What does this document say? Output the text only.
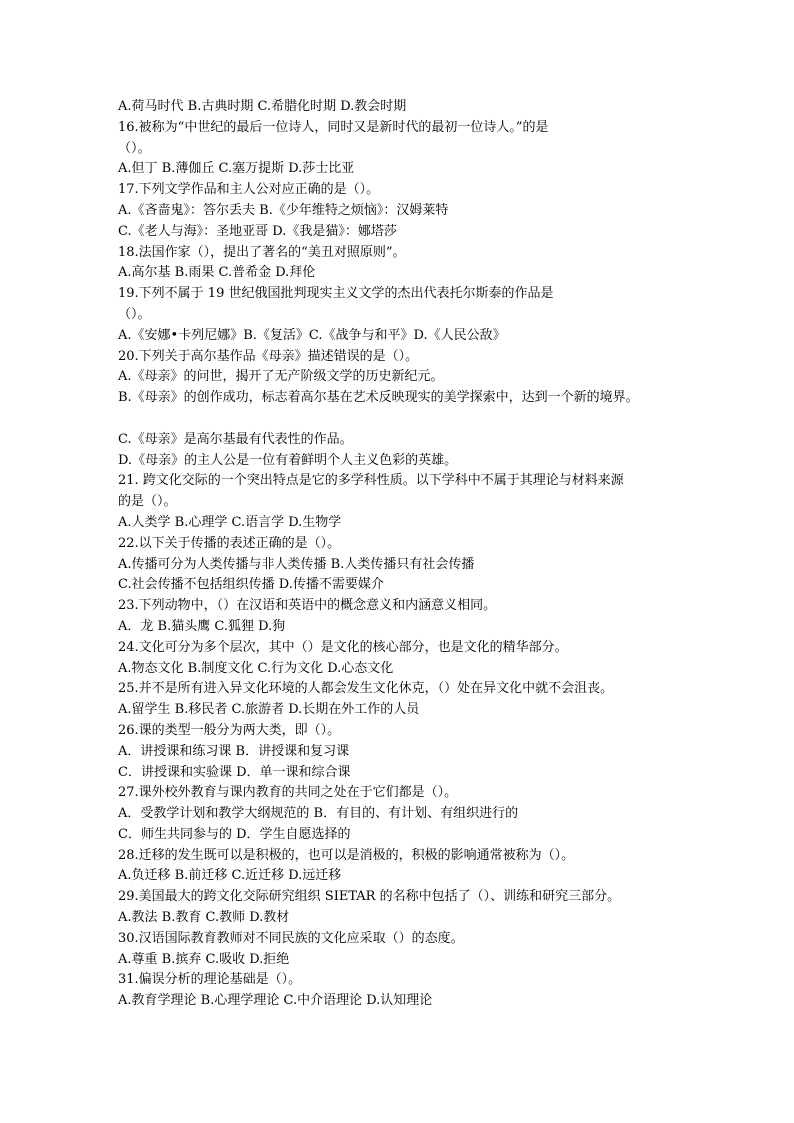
A.荷马时代 B.古典时期 C.希腊化时期 D.教会时期
16.被称为“中世纪的最后一位诗人，同时又是新时代的最初一位诗人。”的是
（）。
A.但丁 B.薄伽丘 C.塞万提斯 D.莎士比亚
17.下列文学作品和主人公对应正确的是（）。
A.《吝啬鬼》：答尔丢夫 B.《少年维特之烦恼》：汉姆莱特
C.《老人与海》：圣地亚哥 D.《我是猫》：娜塔莎
18.法国作家（），提出了著名的“美丑对照原则”。
A.高尔基 B.雨果 C.普希金 D.拜伦
19.下列不属于 19 世纪俄国批判现实主义文学的杰出代表托尔斯泰的作品是
（）。
A.《安娜•卡列尼娜》B.《复活》C.《战争与和平》D.《人民公敌》
20.下列关于高尔基作品《母亲》描述错误的是（）。
A.《母亲》的问世，揭开了无产阶级文学的历史新纪元。
B.《母亲》的创作成功，标志着高尔基在艺术反映现实的美学探索中，达到一个新的境界。
C.《母亲》是高尔基最有代表性的作品。
D.《母亲》的主人公是一位有着鲜明个人主义色彩的英雄。
21. 跨文化交际的一个突出特点是它的多学科性质。以下学科中不属于其理论与材料来源
的是（）。
A.人类学 B.心理学 C.语言学 D.生物学
22.以下关于传播的表述正确的是（）。
A.传播可分为人类传播与非人类传播 B.人类传播只有社会传播
C.社会传播不包括组织传播 D.传播不需要媒介
23.下列动物中，（）在汉语和英语中的概念意义和内涵意义相同。
A．龙 B.猫头鹰 C.狐狸 D.狗
24.文化可分为多个层次，其中（）是文化的核心部分，也是文化的精华部分。
A.物态文化 B.制度文化 C.行为文化 D.心态文化
25.并不是所有进入异文化环境的人都会发生文化休克，（）处在异文化中就不会沮丧。
A.留学生 B.移民者 C.旅游者 D.长期在外工作的人员
26.课的类型一般分为两大类，即（）。
A．讲授课和练习课 B．讲授课和复习课
C．讲授课和实验课 D．单一课和综合课
27.课外校外教育与课内教育的共同之处在于它们都是（）。
A．受教学计划和教学大纲规范的 B．有目的、有计划、有组织进行的
C．师生共同参与的 D．学生自愿选择的
28.迁移的发生既可以是积极的，也可以是消极的，积极的影响通常被称为（）。
A.负迁移 B.前迁移 C.近迁移 D.远迁移
29.美国最大的跨文化交际研究组织 SIETAR 的名称中包括了（）、训练和研究三部分。
A.教法 B.教育 C.教师 D.教材
30.汉语国际教育教师对不同民族的文化应采取（）的态度。
A.尊重 B.摈弃 C.吸收 D.拒绝
31.偏误分析的理论基础是（）。
A.教育学理论 B.心理学理论 C.中介语理论 D.认知理论
